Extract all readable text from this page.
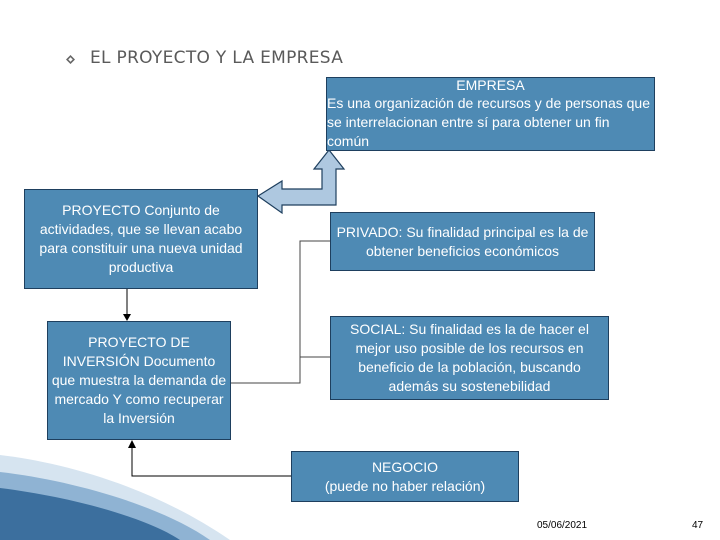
EL PROYECTO Y LA EMPRESA
EMPRESA
Es una organización de recursos y de personas que se interrelacionan entre sí para obtener un fin común
PROYECTO Conjunto de actividades, que se llevan acabo para constituir una nueva unidad productiva
PROYECTO DE INVERSIÓN Documento que muestra la demanda de mercado Y como recuperar la Inversión
PRIVADO: Su finalidad principal es la de obtener beneficios económicos
SOCIAL: Su finalidad es la de hacer el mejor uso posible de los recursos en beneficio de la población, buscando además su sostenebilidad
NEGOCIO
(puede no haber relación)
05/06/2021	47
